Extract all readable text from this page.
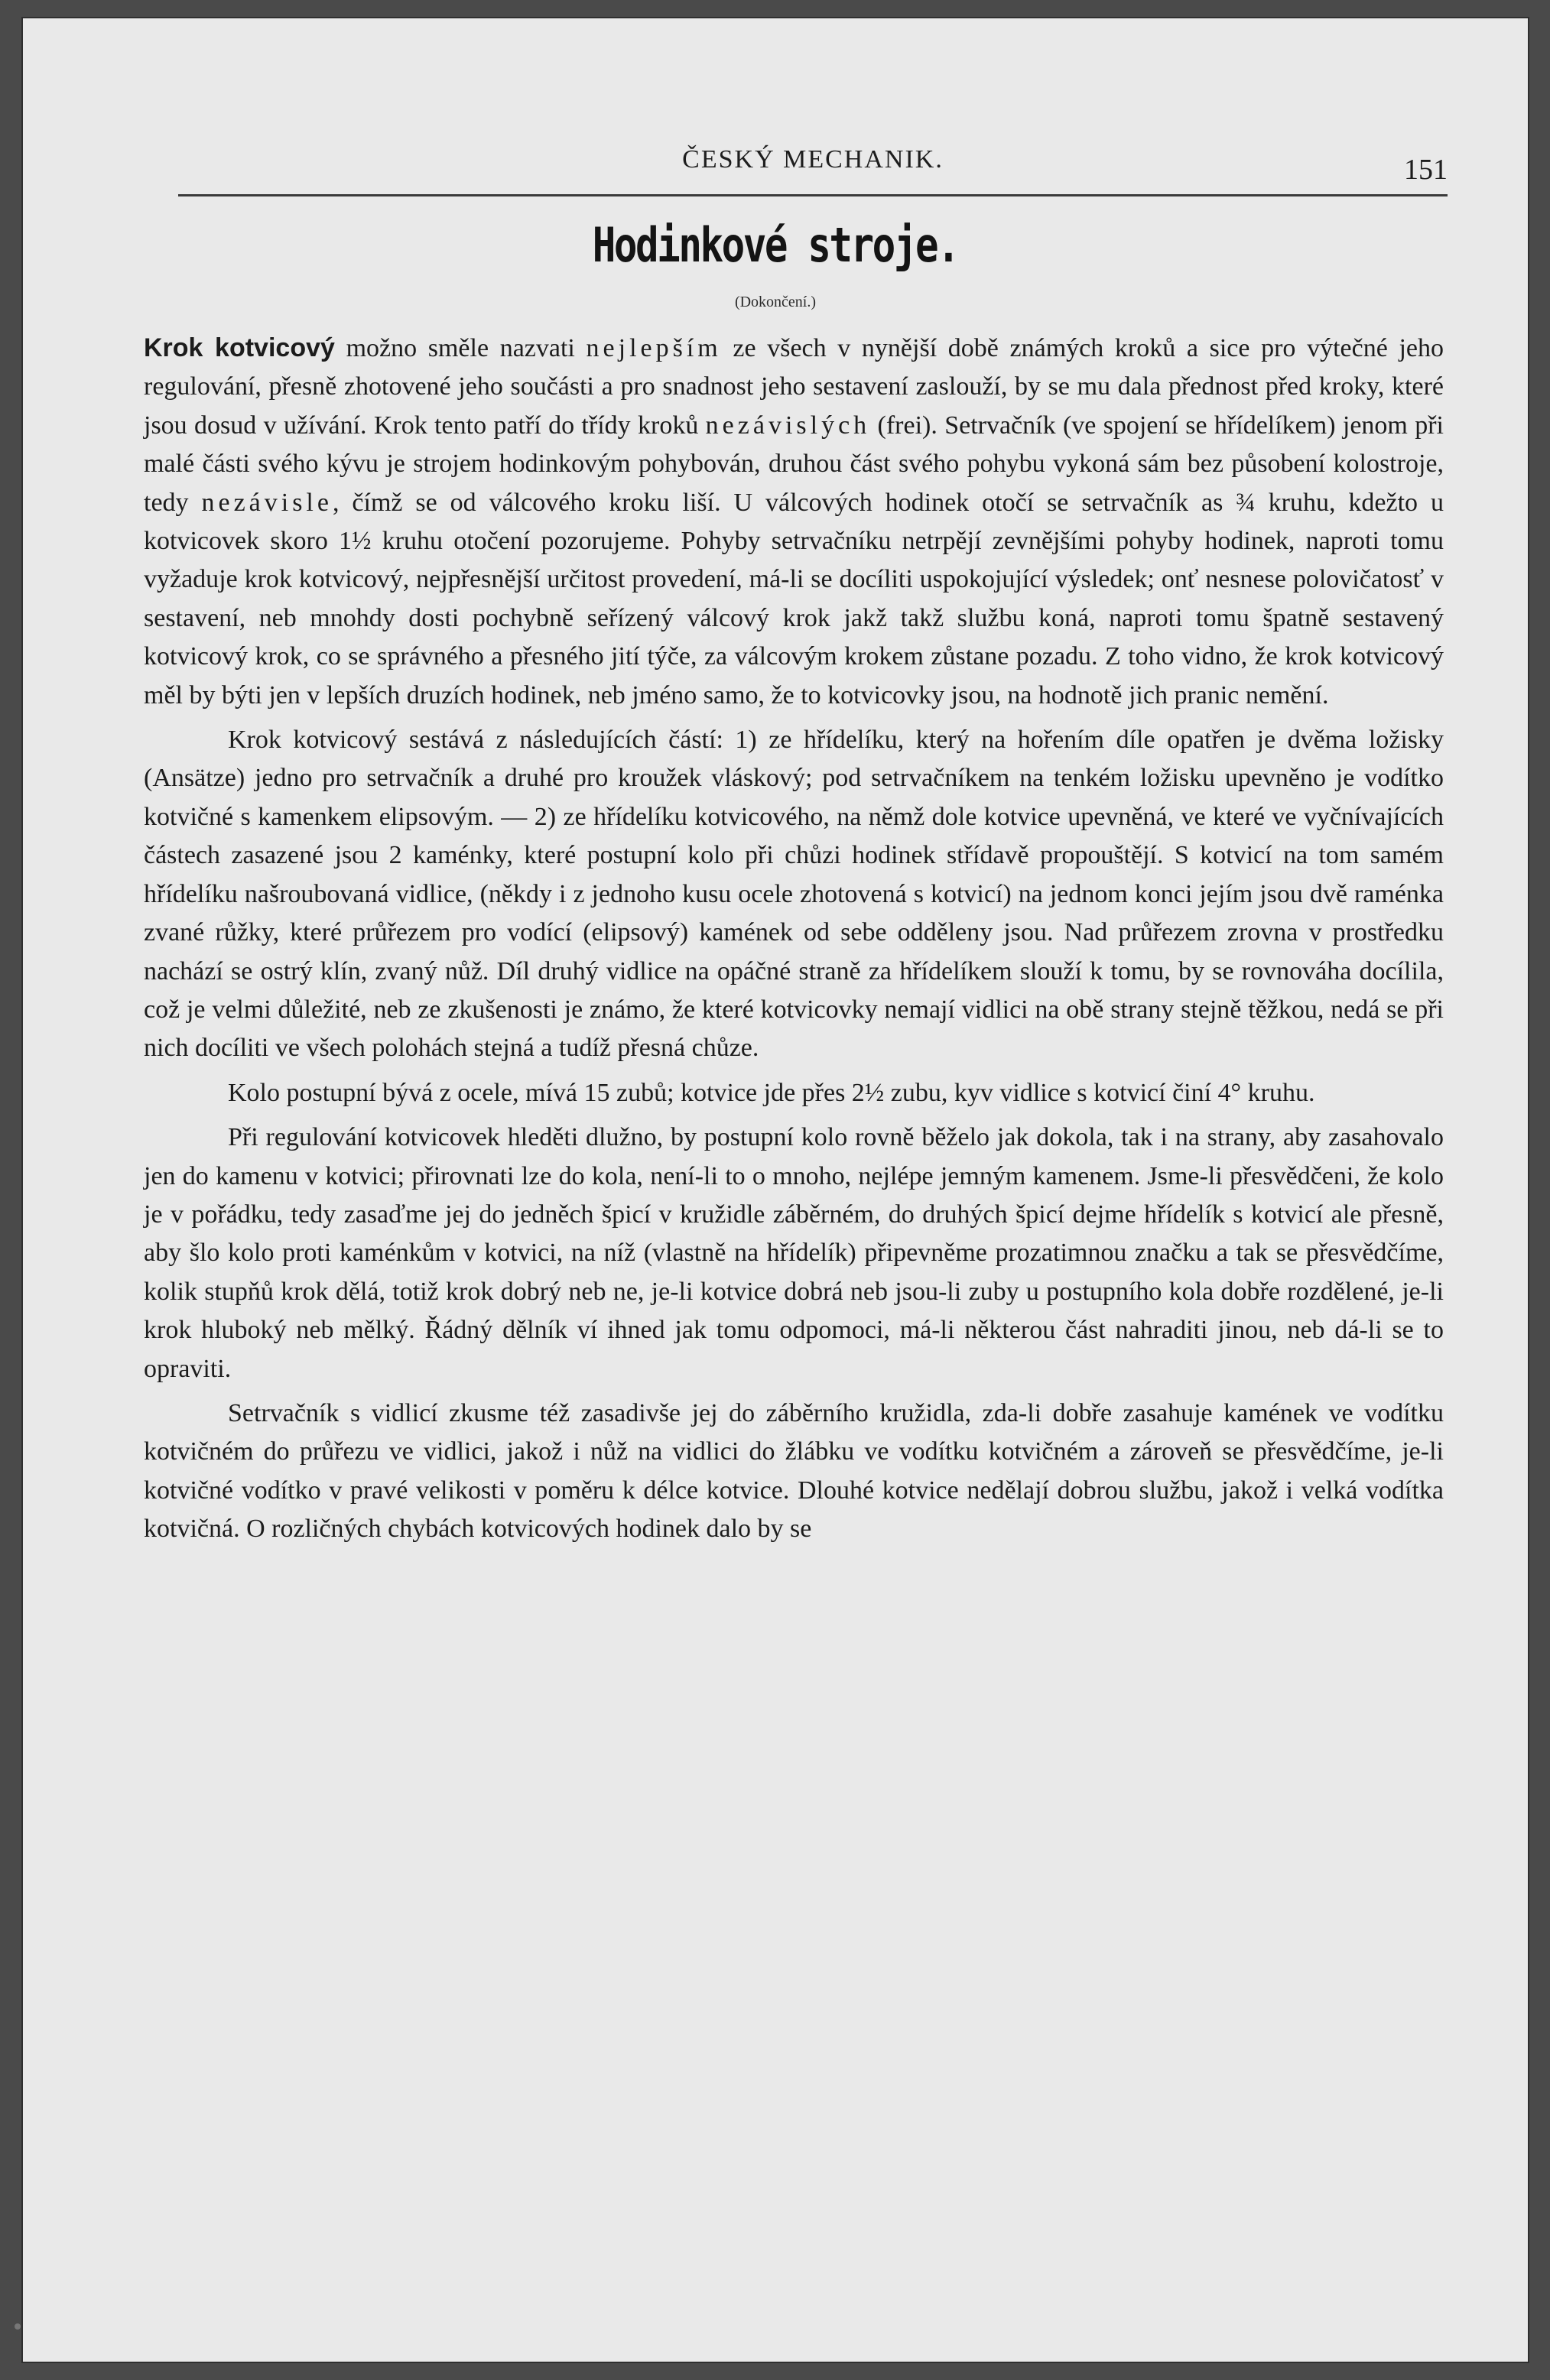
ČESKÝ MECHANIK.	151
Hodinkové stroje.
(Dokončení.)

Krok kotvicový možno směle nazvati nejlepším ze všech v nynější době známých kroků a sice pro výtečné jeho regulování, přesně zhotovené jeho součásti a pro snadnost jeho sestavení zaslouží, by se mu dala přednost před kroky, které jsou dosud v užívání. Krok tento patří do třídy kroků nezávislých (frei). Setrvačník (ve spojení se hřídelíkem) jenom při malé části svého kývu je strojem hodinkovým pohybován, druhou část svého pohybu vykoná sám bez působení kolostroje, tedy nezávisle, čímž se od válcového kroku liší. U válcových hodinek otočí se setrvačník as ¾ kruhu, kdežto u kotvicovek skoro 1½ kruhu otočení pozorujeme. Pohyby setrvačníku netrpějí zevnějšími pohyby hodinek, naproti tomu vyžaduje krok kotvicový, nejpřesnější určitost provedení, má-li se docíliti uspokojující výsledek; onť nesnese polovičatosť v sestavení, neb mnohdy dosti pochybně seřízený válcový krok jakž takž službu koná, naproti tomu špatně sestavený kotvicový krok, co se správného a přesného jití týče, za válcovým krokem zůstane pozadu. Z toho vidno, že krok kotvicový měl by býti jen v lepších druzích hodinek, neb jméno samo, že to kotvicovky jsou, na hodnotě jich pranic nemění.

Krok kotvicový sestává z následujících částí: 1) ze hřídelíku, který na hořením díle opatřen je dvěma ložisky (Ansätze) jedno pro setrvačník a druhé pro kroužek vláskový; pod setrvačníkem na tenkém ložisku upevněno je vodítko kotvičné s kamenkem elipsovým. — 2) ze hřídelíku kotvicového, na němž dole kotvice upevněná, ve které ve vyčnívajících částech zasazené jsou 2 kaménky, které postupní kolo při chůzi hodinek střídavě propouštějí. S kotvicí na tom samém hřídelíku našroubovaná vidlice, (někdy i z jednoho kusu ocele zhotovená s kotvicí) na jednom konci jejím jsou dvě raménka zvané růžky, které průřezem pro vodící (elipsový) kamének od sebe odděleny jsou. Nad průřezem zrovna v prostředku nachází se ostrý klín, zvaný nůž. Díl druhý vidlice na opáčné straně za hřídelíkem slouží k tomu, by se rovnováha docílila, což je velmi důležité, neb ze zkušenosti je známo, že které kotvicovky nemají vidlici na obě strany stejně těžkou, nedá se při nich docíliti ve všech polohách stejná a tudíž přesná chůze.

Kolo postupní bývá z ocele, mívá 15 zubů; kotvice jde přes 2½ zubu, kyv vidlice s kotvicí činí 4° kruhu.

Při regulování kotvicovek hleděti dlužno, by postupní kolo rovně běželo jak dokola, tak i na strany, aby zasahovalo jen do kamenu v kotvici; přirovnati lze do kola, není-li to o mnoho, nejlépe jemným kamenem. Jsme-li přesvědčeni, že kolo je v pořádku, tedy zasaďme jej do jedněch špicí v kružidle záběrném, do druhých špicí dejme hřídelík s kotvicí ale přesně, aby šlo kolo proti kaménkům v kotvici, na níž (vlastně na hřídelík) připevněme prozatimnou značku a tak se přesvědčíme, kolik stupňů krok dělá, totiž krok dobrý neb ne, je-li kotvice dobrá neb jsou-li zuby u postupního kola dobře rozdělené, je-li krok hluboký neb mělký. Řádný dělník ví ihned jak tomu odpomoci, má-li některou část nahraditi jinou, neb dá-li se to opraviti.

Setrvačník s vidlicí zkusme též zasadivše jej do záběrního kružidla, zda-li dobře zasahuje kamének ve vodítku kotvičném do průřezu ve vidlici, jakož i nůž na vidlici do žlábku ve vodítku kotvičném a zároveň se přesvědčíme, je-li kotvičné vodítko v pravé velikosti v poměru k délce kotvice. Dlouhé kotvice nedělají dobrou službu, jakož i velká vodítka kotvičná. O rozličných chybách kotvicových hodinek dalo by se
